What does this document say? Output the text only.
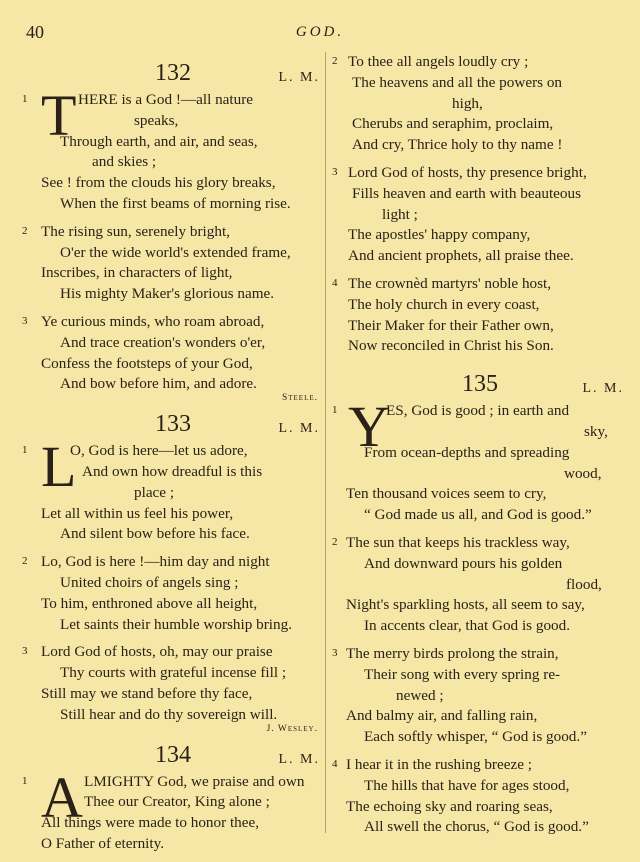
40	GOD.
132	L. M.
1 T HERE is a God !—all nature
speaks,
Through earth, and air, and seas,
and skies ;
See ! from the clouds his glory breaks,
When the first beams of morning rise.
2 The rising sun, serenely bright,
O'er the wide world's extended frame,
Inscribes, in characters of light,
His mighty Maker's glorious name.
3 Ye curious minds, who roam abroad,
And trace creation's wonders o'er,
Confess the footsteps of your God,
And bow before him, and adore.
Steele.
133	L. M.
1 L
O, God is here—let us adore,
And own how dreadful is this
place ;
Let all within us feel his power,
And silent bow before his face.
2 Lo, God is here !—him day and night
United choirs of angels sing ;
To him, enthroned above all height,
Let saints their humble worship bring.
3 Lord God of hosts, oh, may our praise
Thy courts with grateful incense fill ;
Still may we stand before thy face,
Still hear and do thy sovereign will.
J. Wesley.
134	L. M.
1 A LMIGHTY God, we praise and own
Thee our Creator, King alone ;
All things were made to honor thee,
O Father of eternity.
2 To thee all angels loudly cry ;
The heavens and all the powers on
high,
Cherubs and seraphim, proclaim,
And cry, Thrice holy to thy name !
3 Lord God of hosts, thy presence bright,
Fills heaven and earth with beauteous
light ;
The apostles' happy company,
And ancient prophets, all praise thee.
4 The crownèd martyrs' noble host,
The holy church in every coast,
Their Maker for their Father own,
Now reconciled in Christ his Son.
135	L. M.
1 Y
ES, God is good ; in earth and
sky,
From ocean-depths and spreading
wood,
Ten thousand voices seem to cry,
“ God made us all, and God is good.”
2 The sun that keeps his trackless way,
And downward pours his golden
flood,
Night's sparkling hosts, all seem to say,
In accents clear, that God is good.
3 The merry birds prolong the strain,
Their song with every spring re-
newed ;
And balmy air, and falling rain,
Each softly whisper, “ God is good.”
4 I hear it in the rushing breeze ;
The hills that have for ages stood,
The echoing sky and roaring seas,
All swell the chorus, “ God is good.”
